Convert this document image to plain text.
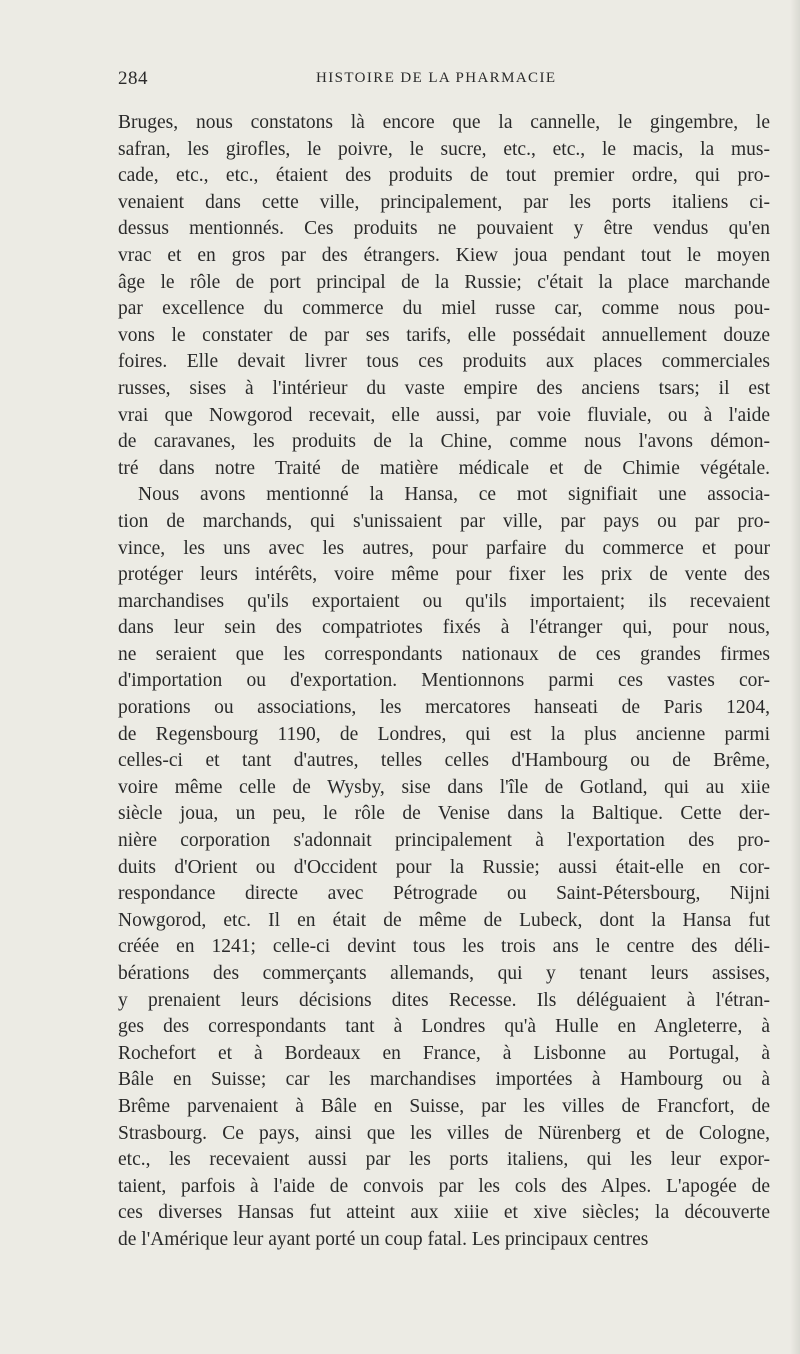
284	HISTOIRE DE LA PHARMACIE
Bruges, nous constatons là encore que la cannelle, le gingembre, le
safran, les girofles, le poivre, le sucre, etc., etc., le macis, la mus-
cade, etc., etc., étaient des produits de tout premier ordre, qui pro-
venaient dans cette ville, principalement, par les ports italiens ci-
dessus mentionnés. Ces produits ne pouvaient y être vendus qu'en
vrac et en gros par des étrangers. Kiew joua pendant tout le moyen
âge le rôle de port principal de la Russie; c'était la place marchande
par excellence du commerce du miel russe car, comme nous pou-
vons le constater de par ses tarifs, elle possédait annuellement douze
foires. Elle devait livrer tous ces produits aux places commerciales
russes, sises à l'intérieur du vaste empire des anciens tsars; il est
vrai que Nowgorod recevait, elle aussi, par voie fluviale, ou à l'aide
de caravanes, les produits de la Chine, comme nous l'avons démon-
tré dans notre Traité de matière médicale et de Chimie végétale.
Nous avons mentionné la Hansa, ce mot signifiait une associa-
tion de marchands, qui s'unissaient par ville, par pays ou par pro-
vince, les uns avec les autres, pour parfaire du commerce et pour
protéger leurs intérêts, voire même pour fixer les prix de vente des
marchandises qu'ils exportaient ou qu'ils importaient; ils recevaient
dans leur sein des compatriotes fixés à l'étranger qui, pour nous,
ne seraient que les correspondants nationaux de ces grandes firmes
d'importation ou d'exportation. Mentionnons parmi ces vastes cor-
porations ou associations, les mercatores hanseati de Paris 1204,
de Regensbourg 1190, de Londres, qui est la plus ancienne parmi
celles-ci et tant d'autres, telles celles d'Hambourg ou de Brême,
voire même celle de Wysby, sise dans l'île de Gotland, qui au xiie
siècle joua, un peu, le rôle de Venise dans la Baltique. Cette der-
nière corporation s'adonnait principalement à l'exportation des pro-
duits d'Orient ou d'Occident pour la Russie; aussi était-elle en cor-
respondance directe avec Pétrograde ou Saint-Pétersbourg, Nijni
Nowgorod, etc. Il en était de même de Lubeck, dont la Hansa fut
créée en 1241; celle-ci devint tous les trois ans le centre des déli-
bérations des commerçants allemands, qui y tenant leurs assises,
y prenaient leurs décisions dites Recesse. Ils déléguaient à l'étran-
ges des correspondants tant à Londres qu'à Hulle en Angleterre, à
Rochefort et à Bordeaux en France, à Lisbonne au Portugal, à
Bâle en Suisse; car les marchandises importées à Hambourg ou à
Brême parvenaient à Bâle en Suisse, par les villes de Francfort, de
Strasbourg. Ce pays, ainsi que les villes de Nürenberg et de Cologne,
etc., les recevaient aussi par les ports italiens, qui les leur expor-
taient, parfois à l'aide de convois par les cols des Alpes. L'apogée de
ces diverses Hansas fut atteint aux xiiie et xive siècles; la découverte
de l'Amérique leur ayant porté un coup fatal. Les principaux centres
